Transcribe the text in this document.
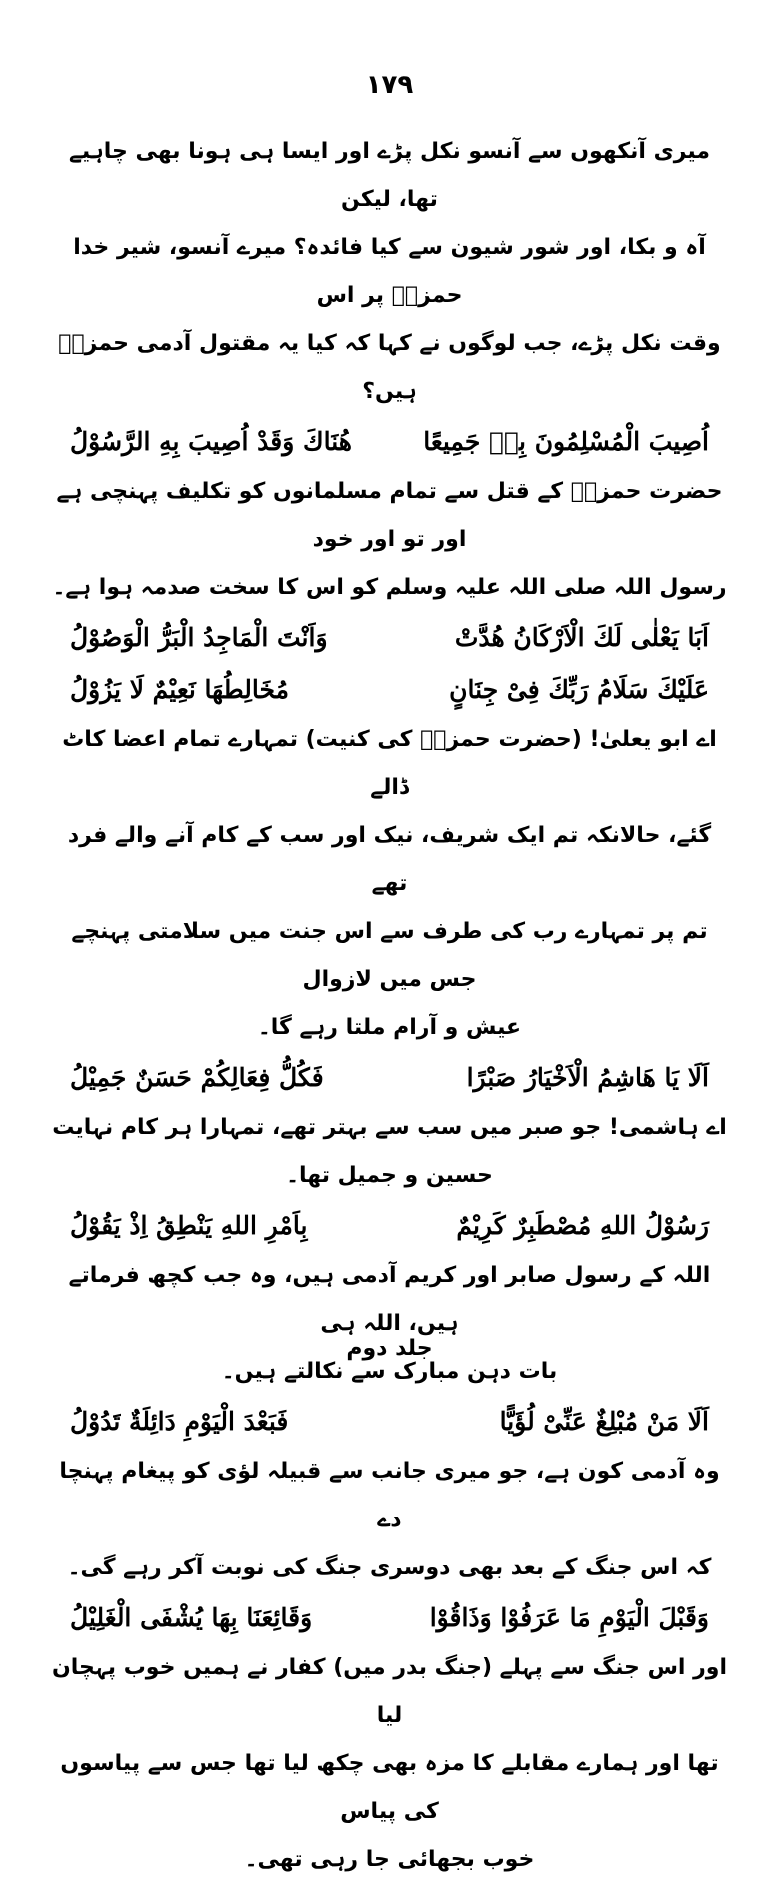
۱۷۹

میری آنکھوں سے آنسو نکل پڑے اور ایسا ہی ہونا بھی چاہیے تھا، لیکن

آہ و بکا، اور شور شیون سے کیا فائدہ؟ میرے آنسو، شیر خدا حمزہؓ پر اس

وقت نکل پڑے، جب لوگوں نے کہا کہ کیا یہ مقتول آدمی حمزہؓ ہیں؟

اُصِیبَ الْمُسْلِمُونَ بِهٖ جَمِیعًا
هُنَاكَ وَقَدْ اُصِیبَ بِهِ الرَّسُوْلُ

حضرت حمزہؓ کے قتل سے تمام مسلمانوں کو تکلیف پہنچی ہے اور تو اور خود

رسول اللہ صلی اللہ علیہ وسلم کو اس کا سخت صدمہ ہوا ہے۔

اَبَا یَعْلٰی لَكَ الْاَرْكَانُ هُدَّتْ
وَاَنْتَ الْمَاجِدُ الْبَرُّ الْوَصُوْلُ
عَلَیْكَ سَلَامُ رَبِّكَ فِیْ جِنَانٍ
مُخَالِطُهَا نَعِیْمٌ لَا یَزُوْلُ

اے ابو یعلیٰ! (حضرت حمزہؓ کی کنیت) تمہارے تمام اعضا کاٹ ڈالے

گئے، حالانکہ تم ایک شریف، نیک اور سب کے کام آنے والے فرد تھے

تم پر تمہارے رب کی طرف سے اس جنت میں سلامتی پہنچے جس میں لازوال

عیش و آرام ملتا رہے گا۔

اَلَا یَا هَاشِمُ الْاَخْیَارُ صَبْرًا
فَكُلُّ فِعَالِكُمْ حَسَنٌ جَمِیْلُ

اے ہاشمی! جو صبر میں سب سے بہتر تھے، تمہارا ہر کام نہایت

حسین و جمیل تھا۔

رَسُوْلُ اللهِ مُصْطَبِرٌ كَرِیْمٌ
بِاَمْرِ اللهِ یَنْطِقُ اِذْ یَقُوْلُ

اللہ کے رسول صابر اور کریم آدمی ہیں، وہ جب کچھ فرماتے ہیں، اللہ ہی

بات دہن مبارک سے نکالتے ہیں۔

اَلَا مَنْ مُبْلِغٌ عَنِّیْ لُؤَیًّا
فَبَعْدَ الْیَوْمِ دَائِلَةٌ تَدُوْلُ

وہ آدمی کون ہے، جو میری جانب سے قبیلہ لؤی کو پیغام پہنچا دے

کہ اس جنگ کے بعد بھی دوسری جنگ کی نوبت آکر رہے گی۔

وَقَبْلَ الْیَوْمِ مَا عَرَفُوْا وَذَاقُوْا
وَقَائِعَنَا بِهَا یُشْفَى الْغَلِیْلُ

اور اس جنگ سے پہلے (جنگ بدر میں) کفار نے ہمیں خوب پہچان لیا

تھا اور ہمارے مقابلے کا مزہ بھی چکھ لیا تھا جس سے پیاسوں کی پیاس

خوب بجھائی جا رہی تھی۔

جلد دوم
